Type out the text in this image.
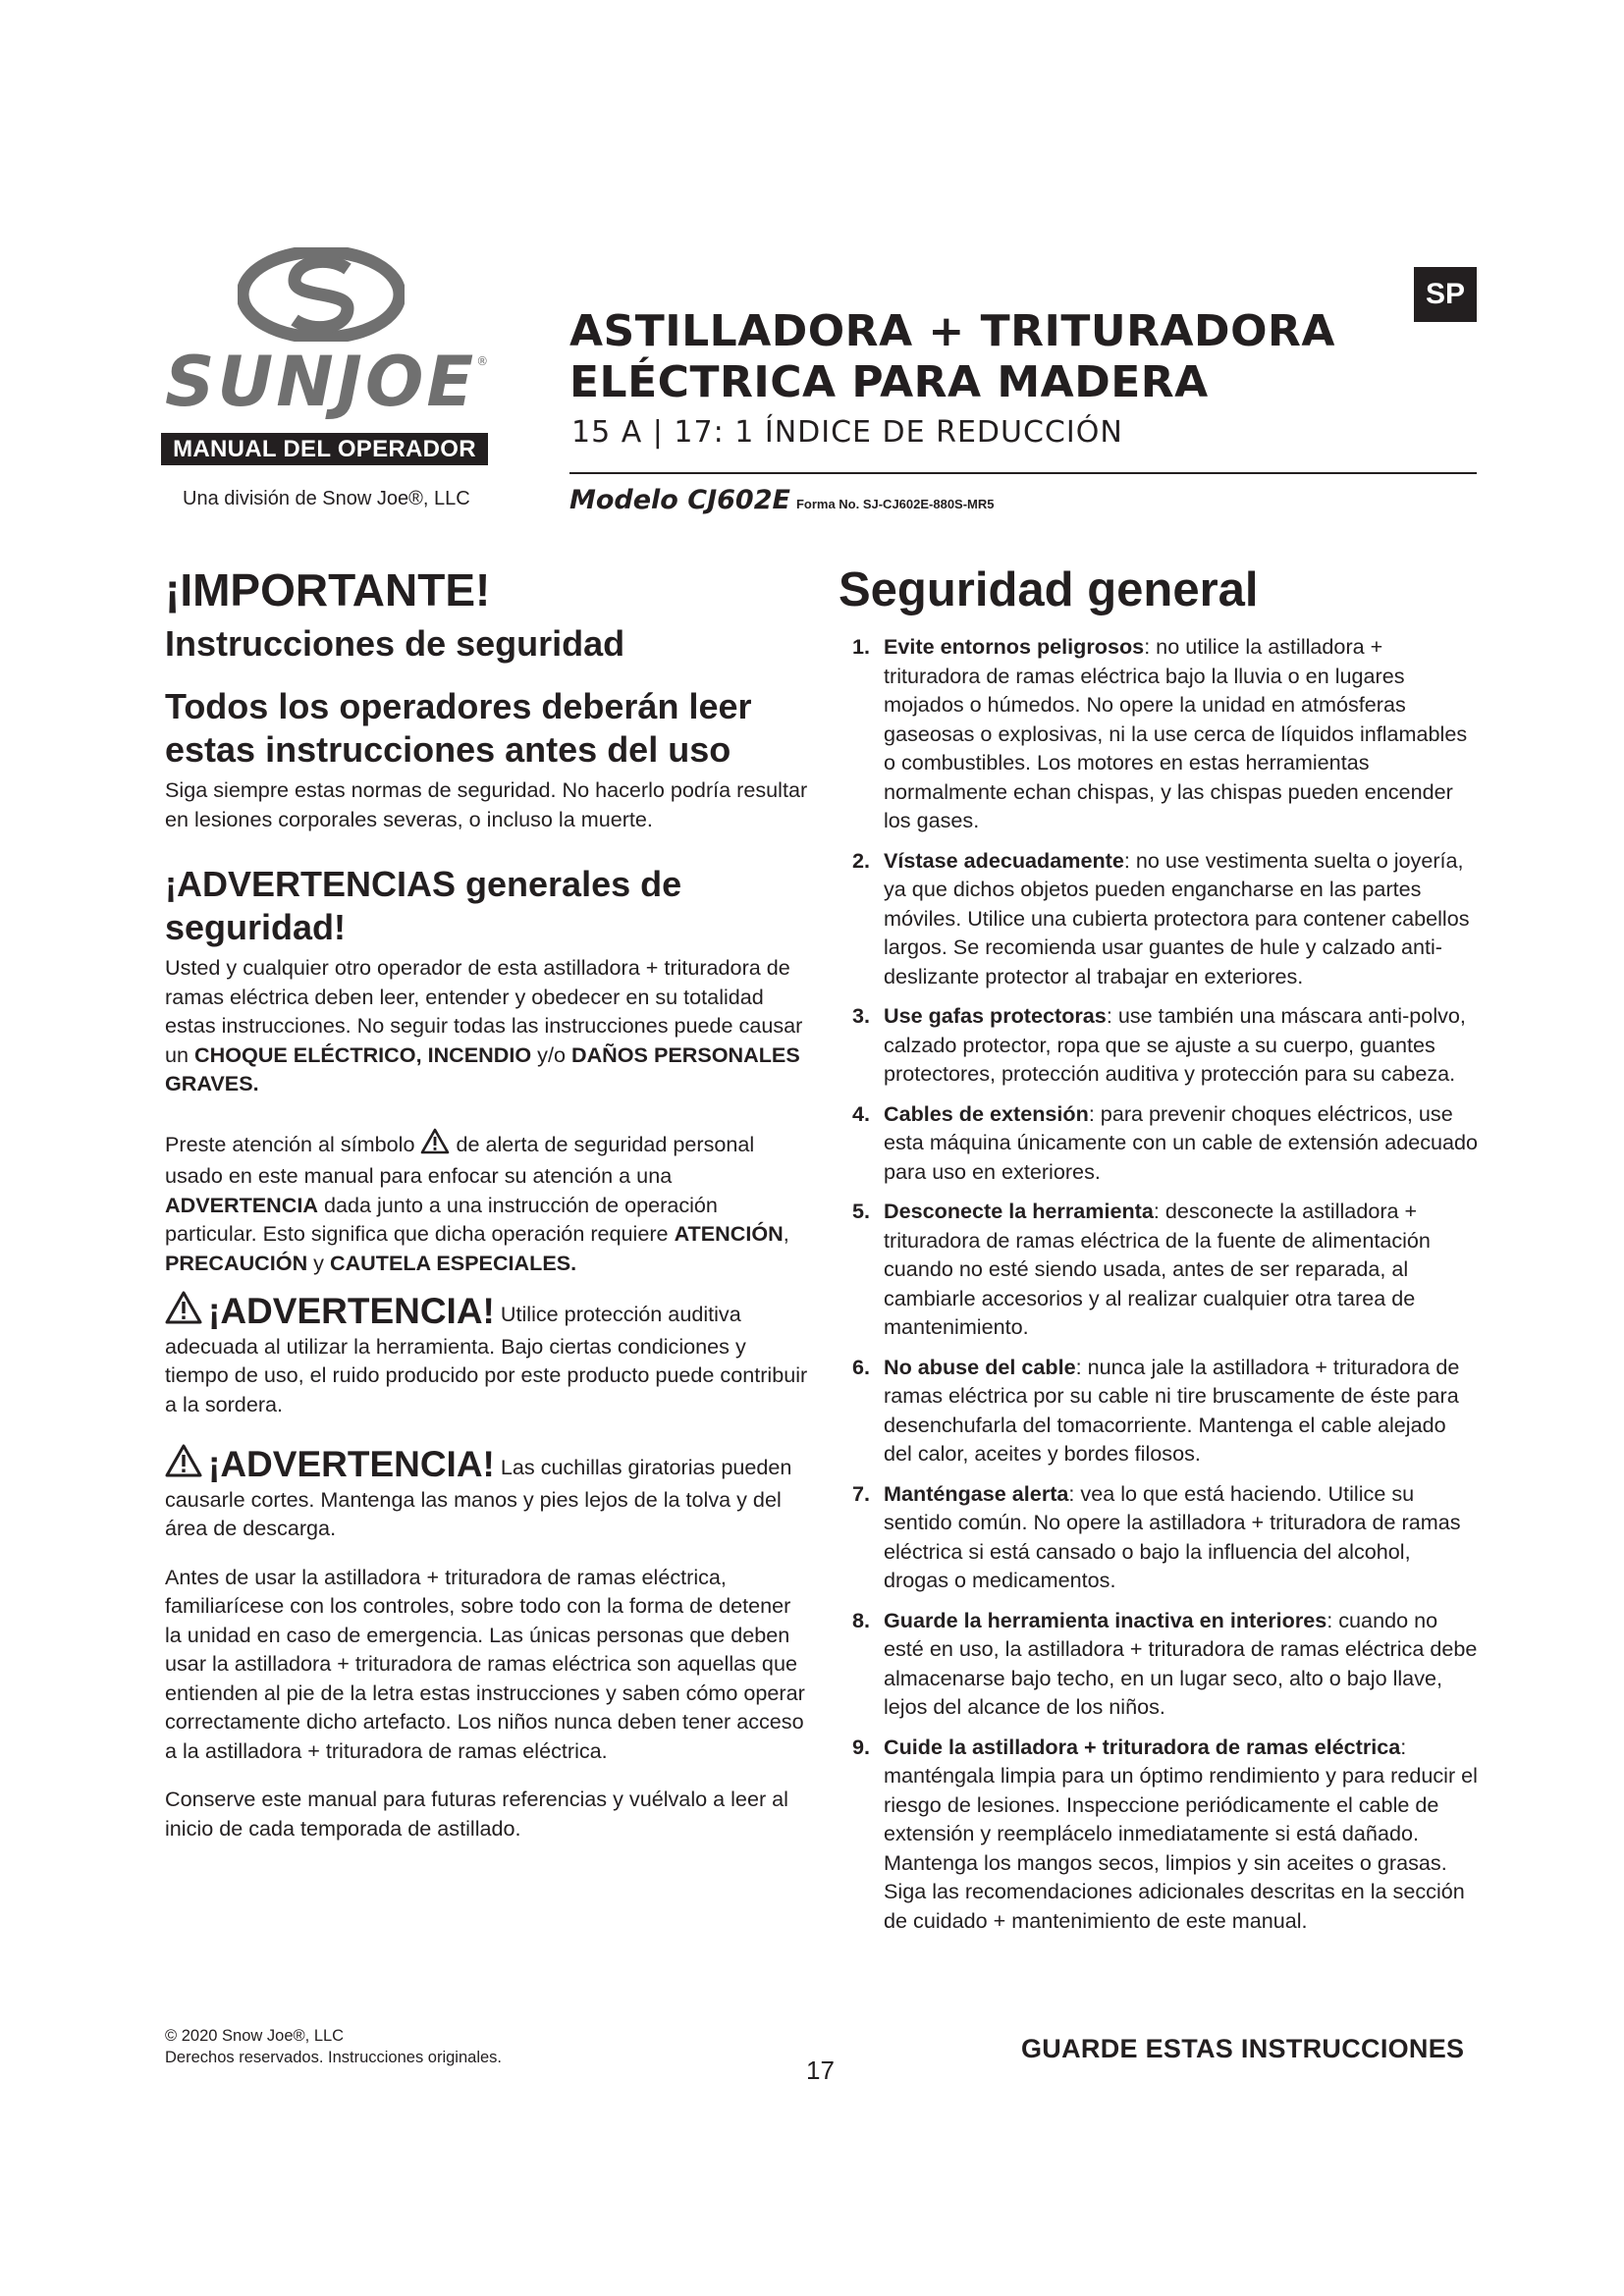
SUNJOE®
MANUAL DEL OPERADOR
Una división de Snow Joe®, LLC
ASTILLADORA + TRITURADORA
ELÉCTRICA PARA MADERA
15 A | 17: 1 ÍNDICE DE REDUCCIÓN
Modelo CJ602E Forma No. SJ-CJ602E-880S-MR5
SP
¡IMPORTANTE!
Instrucciones de seguridad
Todos los operadores deberán leer estas instrucciones antes del uso

Siga siempre estas normas de seguridad. No hacerlo podría resultar en lesiones corporales severas, o incluso la muerte.

¡ADVERTENCIAS generales de seguridad!

Usted y cualquier otro operador de esta astilladora + trituradora de ramas eléctrica deben leer, entender y obedecer en su totalidad estas instrucciones. No seguir todas las instrucciones puede causar un CHOQUE ELÉCTRICO, INCENDIO y/o DAÑOS PERSONALES GRAVES.

Preste atención al símbolo  de alerta de seguridad personal usado en este manual para enfocar su atención a una ADVERTENCIA dada junto a una instrucción de operación particular. Esto significa que dicha operación requiere ATENCIÓN, PRECAUCIÓN y CAUTELA ESPECIALES.

¡ADVERTENCIA! Utilice protección auditiva adecuada al utilizar la herramienta. Bajo ciertas condiciones y tiempo de uso, el ruido producido por este producto puede contribuir a la sordera.

¡ADVERTENCIA! Las cuchillas giratorias pueden causarle cortes. Mantenga las manos y pies lejos de la tolva y del área de descarga.

Antes de usar la astilladora + trituradora de ramas eléctrica, familiarícese con los controles, sobre todo con la forma de detener la unidad en caso de emergencia. Las únicas personas que deben usar la astilladora + trituradora de ramas eléctrica son aquellas que entienden al pie de la letra estas instrucciones y saben cómo operar correctamente dicho artefacto. Los niños nunca deben tener acceso a la astilladora + trituradora de ramas eléctrica.

Conserve este manual para futuras referencias y vuélvalo a leer al inicio de cada temporada de astillado.

Seguridad general
1. Evite entornos peligrosos: no utilice la astilladora + trituradora de ramas eléctrica bajo la lluvia o en lugares mojados o húmedos. No opere la unidad en atmósferas gaseosas o explosivas, ni la use cerca de líquidos inflamables o combustibles. Los motores en estas herramientas normalmente echan chispas, y las chispas pueden encender los gases.
2. Vístase adecuadamente: no use vestimenta suelta o joyería, ya que dichos objetos pueden engancharse en las partes móviles. Utilice una cubierta protectora para contener cabellos largos. Se recomienda usar guantes de hule y calzado anti-deslizante protector al trabajar en exteriores.
3. Use gafas protectoras: use también una máscara anti-polvo, calzado protector, ropa que se ajuste a su cuerpo, guantes protectores, protección auditiva y protección para su cabeza.
4. Cables de extensión: para prevenir choques eléctricos, use esta máquina únicamente con un cable de extensión adecuado para uso en exteriores.
5. Desconecte la herramienta: desconecte la astilladora + trituradora de ramas eléctrica de la fuente de alimentación cuando no esté siendo usada, antes de ser reparada, al cambiarle accesorios y al realizar cualquier otra tarea de mantenimiento.
6. No abuse del cable: nunca jale la astilladora + trituradora de ramas eléctrica por su cable ni tire bruscamente de éste para desenchufarla del tomacorriente. Mantenga el cable alejado del calor, aceites y bordes filosos.
7. Manténgase alerta: vea lo que está haciendo. Utilice su sentido común. No opere la astilladora + trituradora de ramas eléctrica si está cansado o bajo la influencia del alcohol, drogas o medicamentos.
8. Guarde la herramienta inactiva en interiores: cuando no esté en uso, la astilladora + trituradora de ramas eléctrica debe almacenarse bajo techo, en un lugar seco, alto o bajo llave, lejos del alcance de los niños.
9. Cuide la astilladora + trituradora de ramas eléctrica: manténgala limpia para un óptimo rendimiento y para reducir el riesgo de lesiones. Inspeccione periódicamente el cable de extensión y reemplácelo inmediatamente si está dañado. Mantenga los mangos secos, limpios y sin aceites o grasas. Siga las recomendaciones adicionales descritas en la sección de cuidado + mantenimiento de este manual.
© 2020 Snow Joe®, LLC
Derechos reservados. Instrucciones originales.	17
GUARDE ESTAS INSTRUCCIONES
